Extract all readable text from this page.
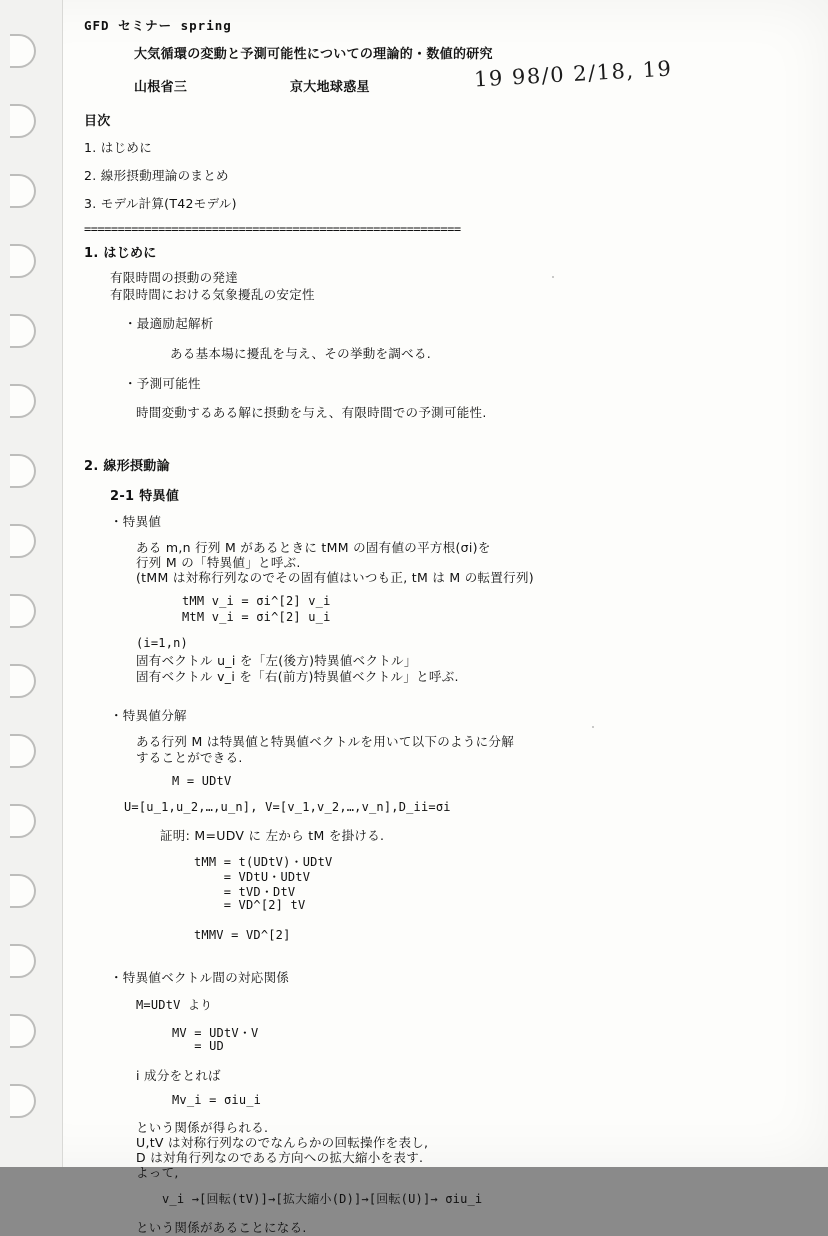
GFD セミナー spring
大気循環の変動と予測可能性についての理論的・数値的研究
山根省三	京大地球惑星	19 98/0 2/18, 19
目次
1. はじめに
2. 線形摂動理論のまとめ
3. モデル計算(T42モデル)
========================================================
1. はじめに
有限時間の摂動の発達
有限時間における気象擾乱の安定性
・最適励起解析
ある基本場に擾乱を与え、その挙動を調べる.
・予測可能性
時間変動するある解に摂動を与え、有限時間での予測可能性.
2. 線形摂動論
2-1 特異値
・特異値
ある m,n 行列 M があるときに tMM の固有値の平方根(σi)を
行列 M の「特異値」と呼ぶ.
(tMM は対称行列なのでその固有値はいつも正, tM は M の転置行列)
tMM v_i = σi^[2] v_i
MtM v_i = σi^[2] u_i
(i=1,n)
固有ベクトル u_i を「左(後方)特異値ベクトル」
固有ベクトル v_i を「右(前方)特異値ベクトル」と呼ぶ.
・特異値分解
ある行列 M は特異値と特異値ベクトルを用いて以下のように分解
することができる.
M = UDtV
U=[u_1,u_2,…,u_n], V=[v_1,v_2,…,v_n],D_ii=σi
証明: M=UDV に 左から tM を掛ける.
tMM = t(UDtV)・UDtV
= VDtU・UDtV
= tVD・DtV
= VD^[2] tV
tMMV = VD^[2]
・特異値ベクトル間の対応関係
M=UDtV より
MV = UDtV・V
= UD
i 成分をとれば
Mv_i = σiu_i
という関係が得られる.
U,tV は対称行列なのでなんらかの回転操作を表し,
D は対角行列なのである方向への拡大縮小を表す.
よって,
v_i →[回転(tV)]→[拡大縮小(D)]→[回転(U)]→ σiu_i
という関係があることになる.
